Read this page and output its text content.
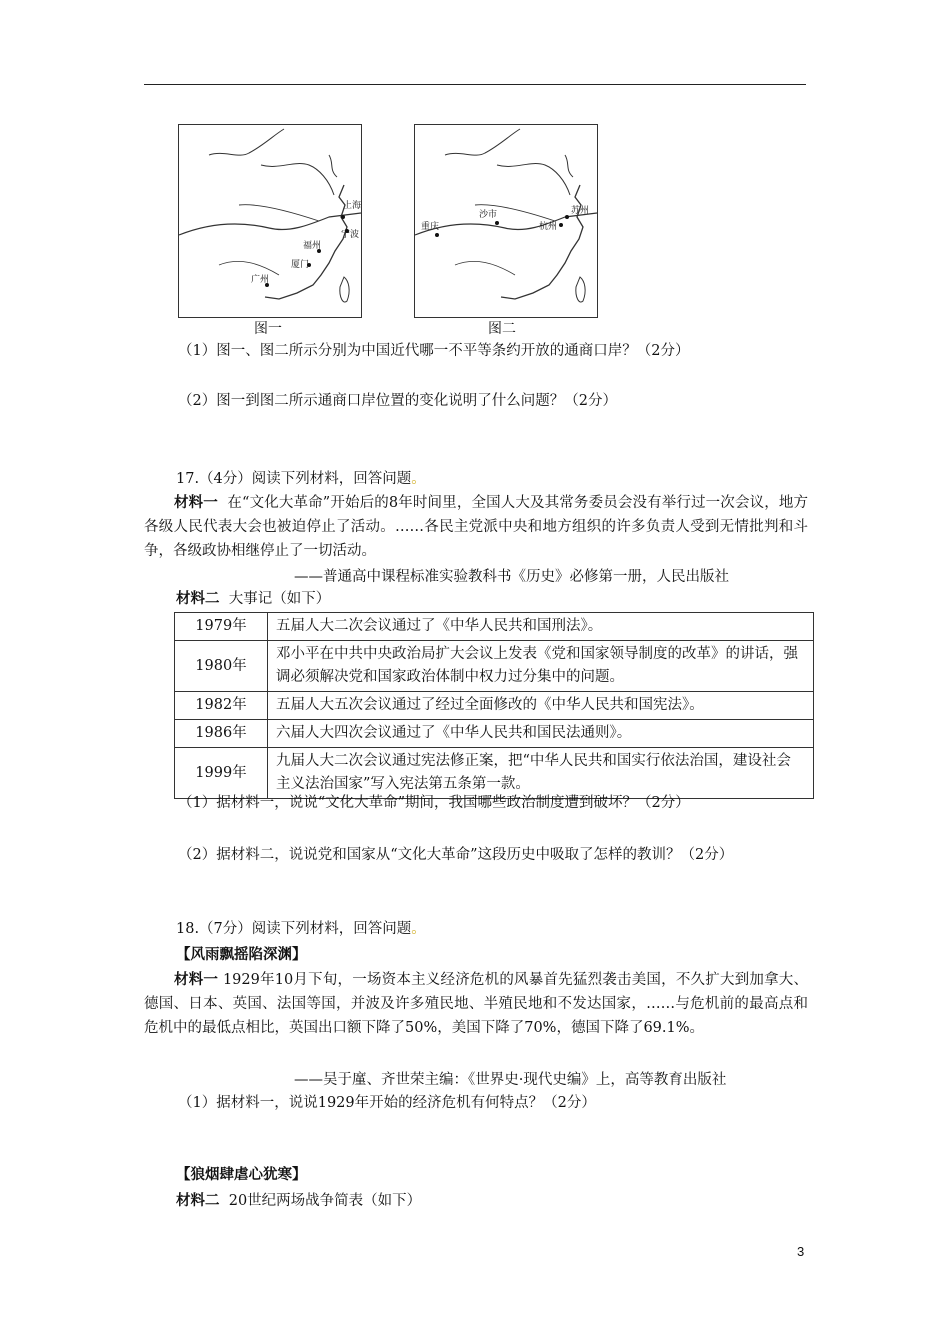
上海
宁波
福州
厦门
广州
重庆
沙市	苏州
杭州
图一	图二
（1）图一、图二所示分别为中国近代哪一不平等条约开放的通商口岸？（2分）
（2）图一到图二所示通商口岸位置的变化说明了什么问题？（2分）
17.（4分）阅读下列材料，回答问题。
材料一 在“文化大革命”开始后的8年时间里，全国人大及其常务委员会没有举行过一次会议，地方各级人民代表大会也被迫停止了活动。……各民主党派中央和地方组织的许多负责人受到无情批判和斗争，各级政协相继停止了一切活动。
——普通高中课程标准实验教科书《历史》必修第一册，人民出版社
材料二 大事记（如下）
1979年	五届人大二次会议通过了《中华人民共和国刑法》。
1980年	邓小平在中共中央政治局扩大会议上发表《党和国家领导制度的改革》的讲话，强调必须解决党和国家政治体制中权力过分集中的问题。
1982年	五届人大五次会议通过了经过全面修改的《中华人民共和国宪法》。
1986年	六届人大四次会议通过了《中华人民共和国民法通则》。
1999年	九届人大二次会议通过宪法修正案，把“中华人民共和国实行依法治国，建设社会主义法治国家”写入宪法第五条第一款。
（1）据材料一，说说“文化大革命”期间，我国哪些政治制度遭到破坏？（2分）
（2）据材料二，说说党和国家从“文化大革命”这段历史中吸取了怎样的教训？（2分）
18.（7分）阅读下列材料，回答问题。
【风雨飘摇陷深渊】
材料一 1929年10月下旬，一场资本主义经济危机的风暴首先猛烈袭击美国，不久扩大到加拿大、德国、日本、英国、法国等国，并波及许多殖民地、半殖民地和不发达国家，……与危机前的最高点和危机中的最低点相比，英国出口额下降了50%，美国下降了70%，德国下降了69.1%。
——吴于廑、齐世荣主编：《世界史·现代史编》上，高等教育出版社
（1）据材料一，说说1929年开始的经济危机有何特点？（2分）
【狼烟肆虐心犹寒】
材料二 20世纪两场战争简表（如下）
3
